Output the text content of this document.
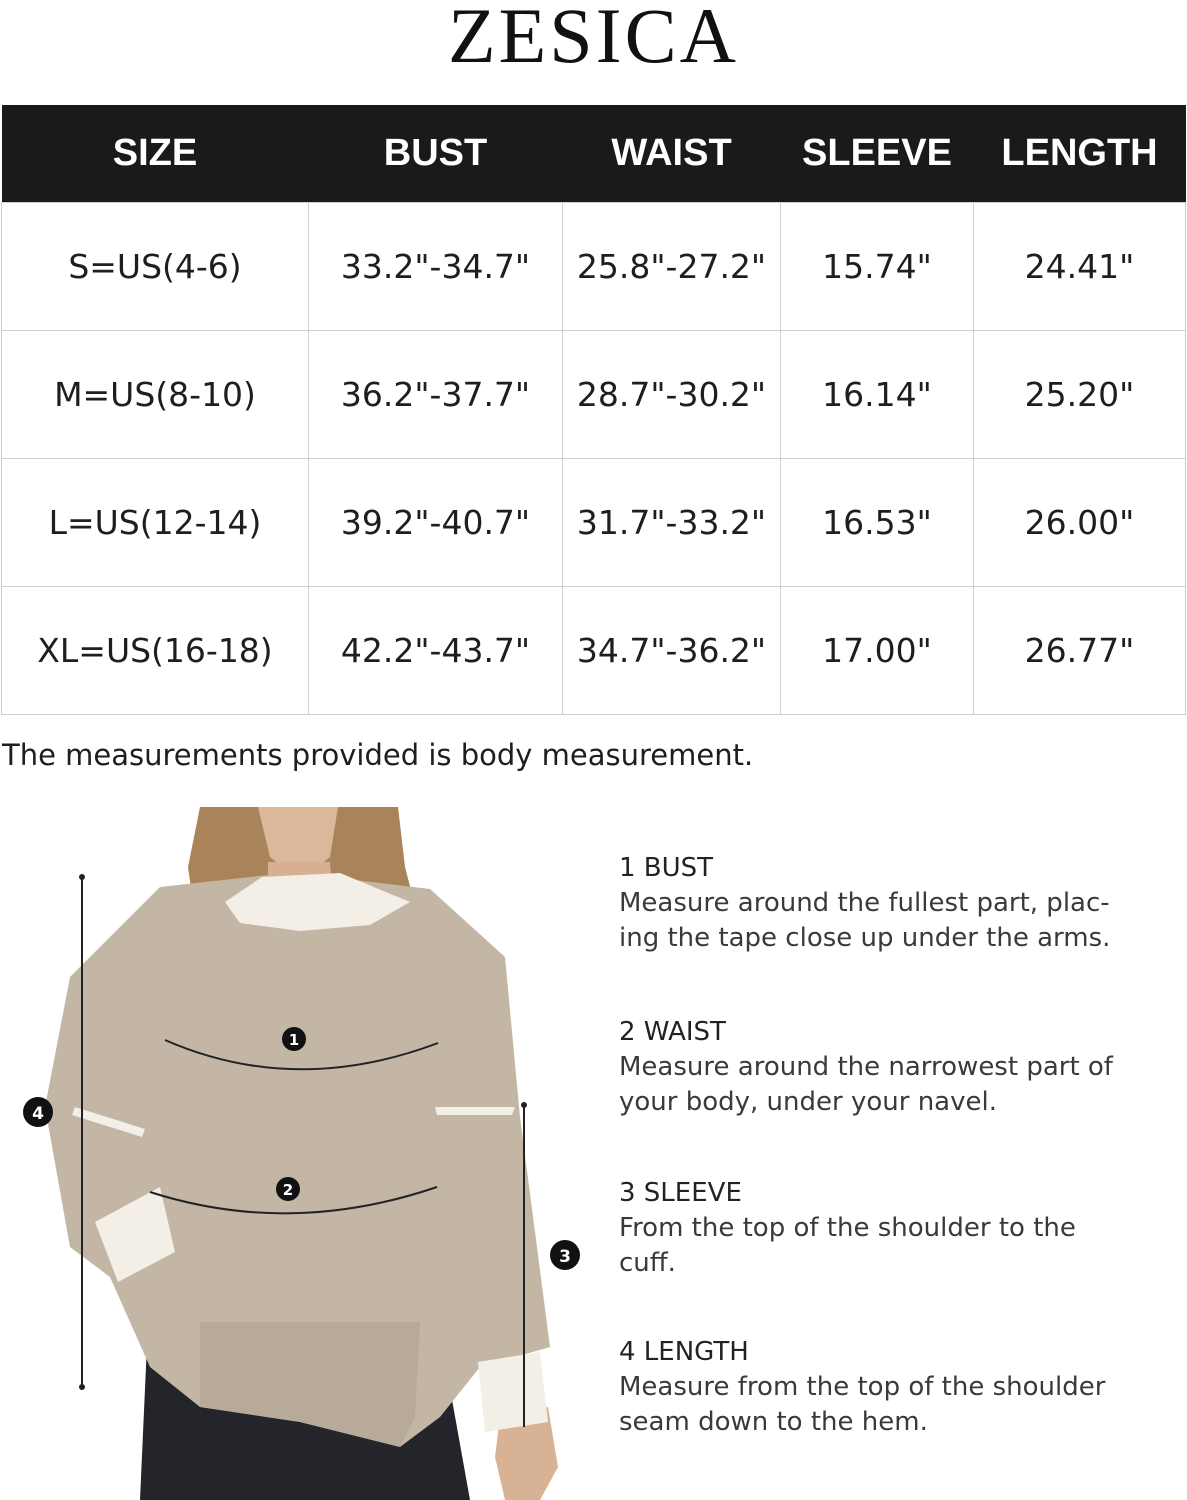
ZESICA
SIZE	BUST	WAIST	SLEEVE	LENGTH
S=US(4-6)	33.2"-34.7"	25.8"-27.2"	15.74"	24.41"
M=US(8-10)	36.2"-37.7"	28.7"-30.2"	16.14"	25.20"
L=US(12-14)	39.2"-40.7"	31.7"-33.2"	16.53"	26.00"
XL=US(16-18)	42.2"-43.7"	34.7"-36.2"	17.00"	26.77"
The measurements provided is body measurement.
1
2
3
4
1 BUST

Measure around the fullest part, plac-

ing the tape close up under the arms.

2 WAIST

Measure around the narrowest part of

your body, under your navel.

3 SLEEVE

From the top of the shoulder to the

cuff.

4 LENGTH

Measure from the top of the shoulder

seam down to the hem.
